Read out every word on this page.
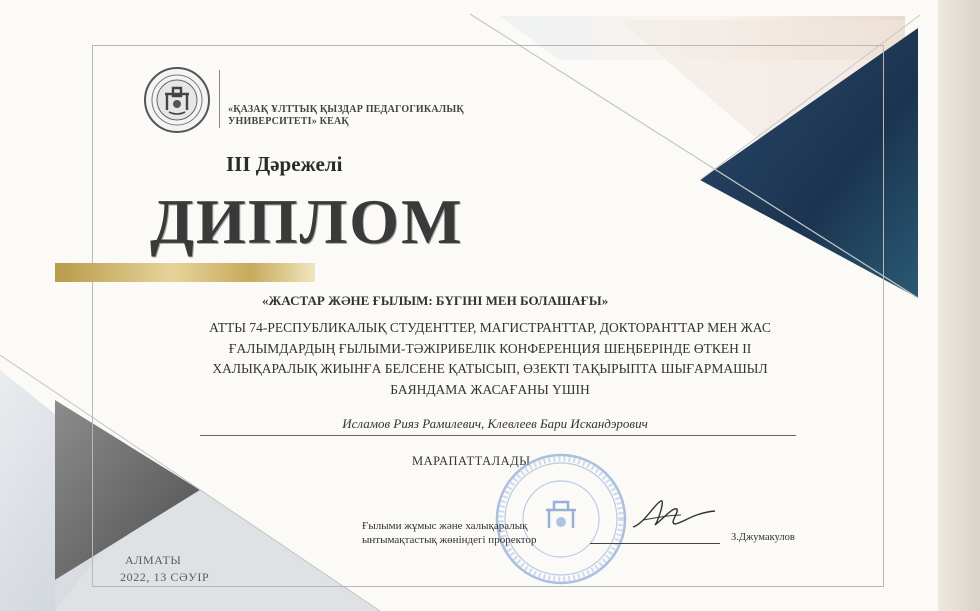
«ҚАЗАҚ ҰЛТТЫҚ ҚЫЗДАР ПЕДАГОГИКАЛЫҚ
УНИВЕРСИТЕТІ» КЕАҚ
ІІІ Дәрежелі
ДИПЛОМ
«ЖАСТАР ЖӘНЕ ҒЫЛЫМ: БҮГІНІ МЕН БОЛАШАҒЫ»
АТТЫ 74-РЕСПУБЛИКАЛЫҚ СТУДЕНТТЕР, МАГИСТРАНТТАР, ДОКТОРАНТТАР МЕН ЖАС
ҒАЛЫМДАРДЫҢ ҒЫЛЫМИ-ТӘЖІРИБЕЛІК КОНФЕРЕНЦИЯ ШЕҢБЕРІНДЕ ӨТКЕН ІІ
ХАЛЫҚАРАЛЫҚ ЖИЫНҒА БЕЛСЕНЕ ҚАТЫСЫП, ӨЗЕКТІ ТАҚЫРЫПТА ШЫҒАРМАШЫЛ
БАЯНДАМА ЖАСАҒАНЫ ҮШІН
Исламов Рияз Рамилевич, Клевлеев Бари Искандэрович
МАРАПАТТАЛАДЫ
Ғылыми жұмыс және халықаралық
ынтымақтастық жөніндегі проректор	З.Джумакулов
АЛМАТЫ
2022, 13 СӘУІР
